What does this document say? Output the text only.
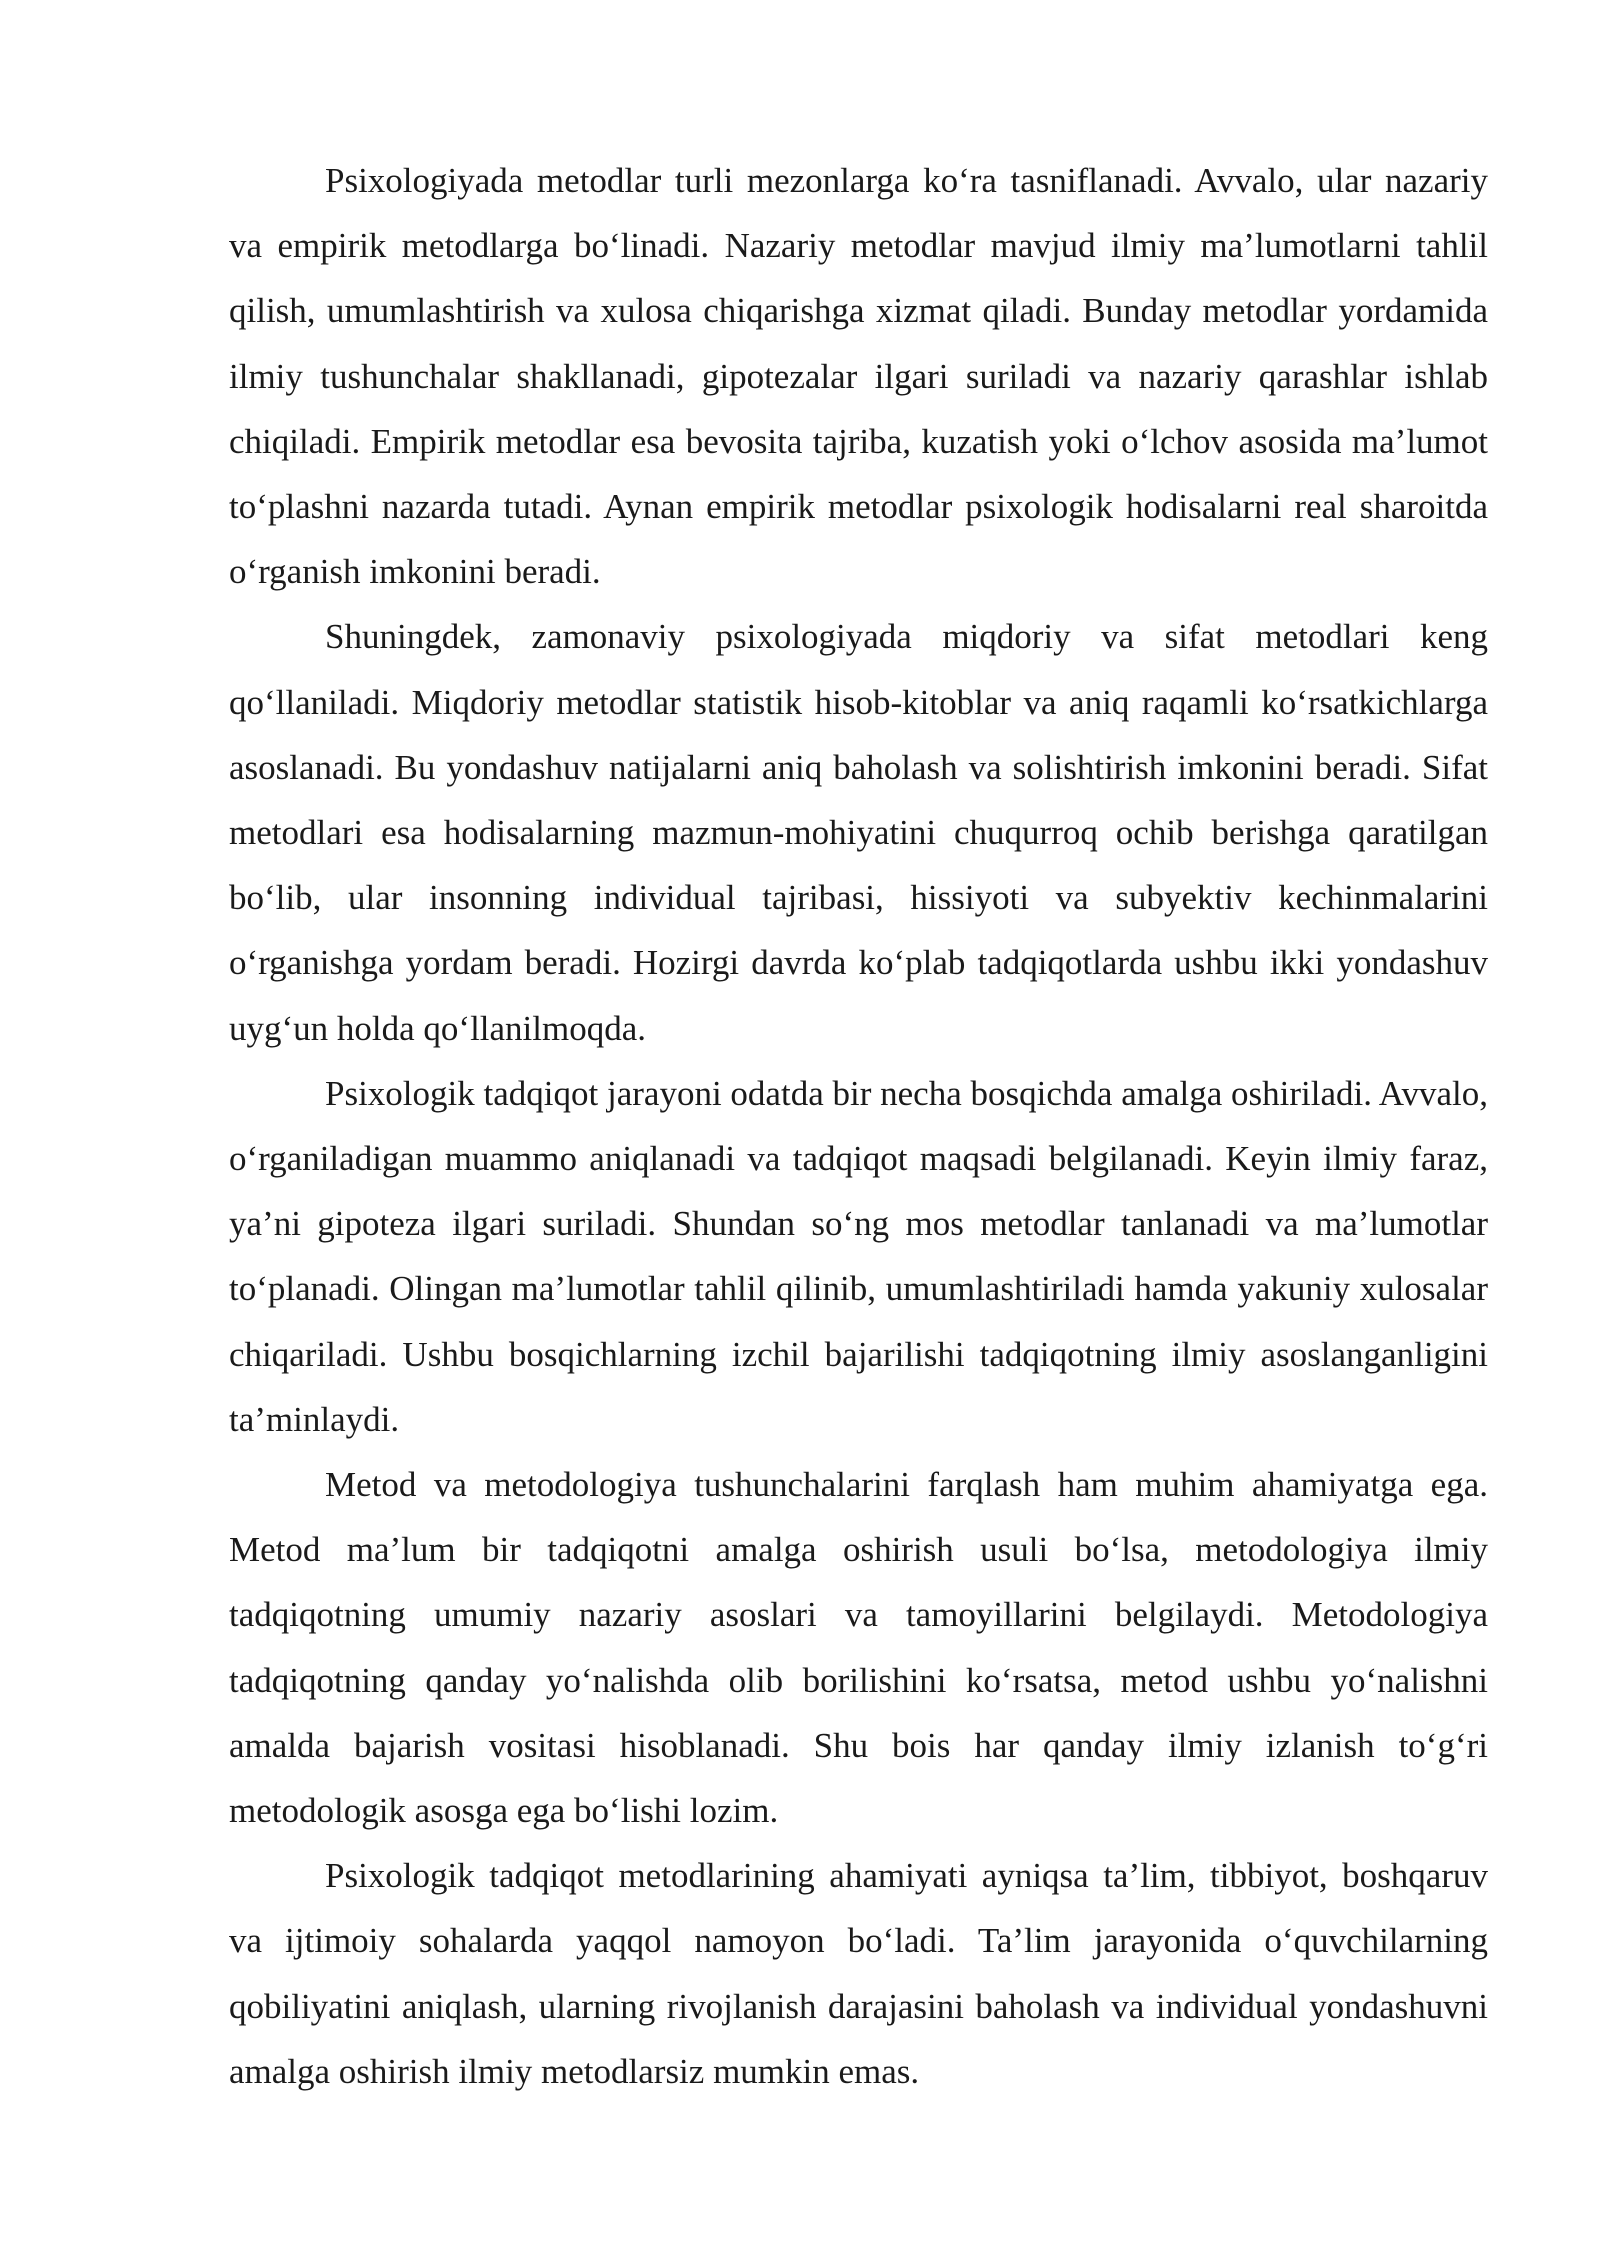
Psixologiyada metodlar turli mezonlarga ko‘ra tasniflanadi. Avvalo, ular nazariy va empirik metodlarga bo‘linadi. Nazariy metodlar mavjud ilmiy ma’lumotlarni tahlil qilish, umumlashtirish va xulosa chiqarishga xizmat qiladi. Bunday metodlar yordamida ilmiy tushunchalar shakllanadi, gipotezalar ilgari suriladi va nazariy qarashlar ishlab chiqiladi. Empirik metodlar esa bevosita tajriba, kuzatish yoki o‘lchov asosida ma’lumot to‘plashni nazarda tutadi. Aynan empirik metodlar psixologik hodisalarni real sharoitda o‘rganish imkonini beradi.

Shuningdek, zamonaviy psixologiyada miqdoriy va sifat metodlari keng qo‘llaniladi. Miqdoriy metodlar statistik hisob-kitoblar va aniq raqamli ko‘rsatkichlarga asoslanadi. Bu yondashuv natijalarni aniq baholash va solishtirish imkonini beradi. Sifat metodlari esa hodisalarning mazmun-mohiyatini chuqurroq ochib berishga qaratilgan bo‘lib, ular insonning individual tajribasi, hissiyoti va subyektiv kechinmalarini o‘rganishga yordam beradi. Hozirgi davrda ko‘plab tadqiqotlarda ushbu ikki yondashuv uyg‘un holda qo‘llanilmoqda.

Psixologik tadqiqot jarayoni odatda bir necha bosqichda amalga oshiriladi. Avvalo, o‘rganiladigan muammo aniqlanadi va tadqiqot maqsadi belgilanadi. Keyin ilmiy faraz, ya’ni gipoteza ilgari suriladi. Shundan so‘ng mos metodlar tanlanadi va ma’lumotlar to‘planadi. Olingan ma’lumotlar tahlil qilinib, umumlashtiriladi hamda yakuniy xulosalar chiqariladi. Ushbu bosqichlarning izchil bajarilishi tadqiqotning ilmiy asoslanganligini ta’minlaydi.

Metod va metodologiya tushunchalarini farqlash ham muhim ahamiyatga ega. Metod ma’lum bir tadqiqotni amalga oshirish usuli bo‘lsa, metodologiya ilmiy tadqiqotning umumiy nazariy asoslari va tamoyillarini belgilaydi. Metodologiya tadqiqotning qanday yo‘nalishda olib borilishini ko‘rsatsa, metod ushbu yo‘nalishni amalda bajarish vositasi hisoblanadi. Shu bois har qanday ilmiy izlanish to‘g‘ri metodologik asosga ega bo‘lishi lozim.

Psixologik tadqiqot metodlarining ahamiyati ayniqsa ta’lim, tibbiyot, boshqaruv va ijtimoiy sohalarda yaqqol namoyon bo‘ladi. Ta’lim jarayonida o‘quvchilarning qobiliyatini aniqlash, ularning rivojlanish darajasini baholash va individual yondashuvni amalga oshirish ilmiy metodlarsiz mumkin emas.
